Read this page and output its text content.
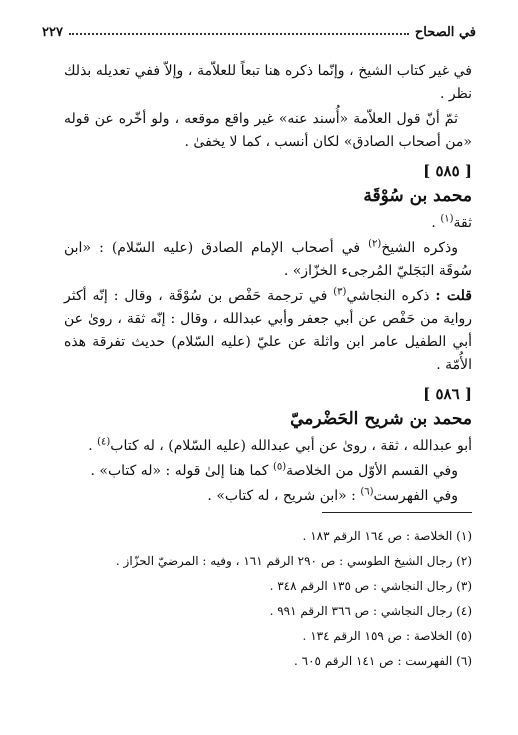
في الصحاح
٢٢٧

في غير كتاب الشيخ ، وإنّما ذكره هنا تبعاً للعلاّمة ، وإلاّ ففي تعديله بذلك نظر .

ثمّ أنّ قول العلاّمة «أُسند عنه» غير واقع موقعه ، ولو أخّره عن قوله «من أصحاب الصادق» لكان أنسب ، كما لا يخفىٰ .

[ ٥٨٥ ]
محمد بن سُوْقَة

ثقة$^{(١)}$ .

وذكره الشيخ$^{(٢)}$ في أصحاب الإمام الصادق (عليه السّلام) : «ابن سُوقَة البَجَليّ المُرجىء الخزّاز» .

قلت : ذكره النجاشي$^{(٣)}$ في ترجمة حَفْص بن سُوْقَة ، وقال : إنّه أكثر رواية من حَفْص عن أبي جعفر وأبي عبدالله ، وقال : إنّه ثقة ، روىٰ عن أبي الطفيل عامر ابن واثلة عن عليّ (عليه السّلام) حديث تفرقة هذه الأُمّة .

[ ٥٨٦ ]
محمد بن شريح الحَضْرميّ

أبو عبدالله ، ثقة ، روىٰ عن أبي عبدالله (عليه السّلام) ، له كتاب$^{(٤)}$ .

وفي القسم الأوّل من الخلاصة$^{(٥)}$ كما هنا إلىٰ قوله : «له كتاب» .

وفي الفهرست$^{(٦)}$ : «ابن شريح ، له كتاب» .

(١) الخلاصة : ص ١٦٤ الرقم ١٨٣ .
(٢) رجال الشيخ الطوسي : ص ٢٩٠ الرقم ١٦١ ، وفيه : المرضيّ الحزّاز .
(٣) رجال النجاشي : ص ١٣٥ الرقم ٣٤٨ .
(٤) رجال النجاشي : ص ٣٦٦ الرقم ٩٩١ .
(٥) الخلاصة : ص ١٥٩ الرقم ١٣٤ .
(٦) الفهرست : ص ١٤١ الرقم ٦٠٥ .
